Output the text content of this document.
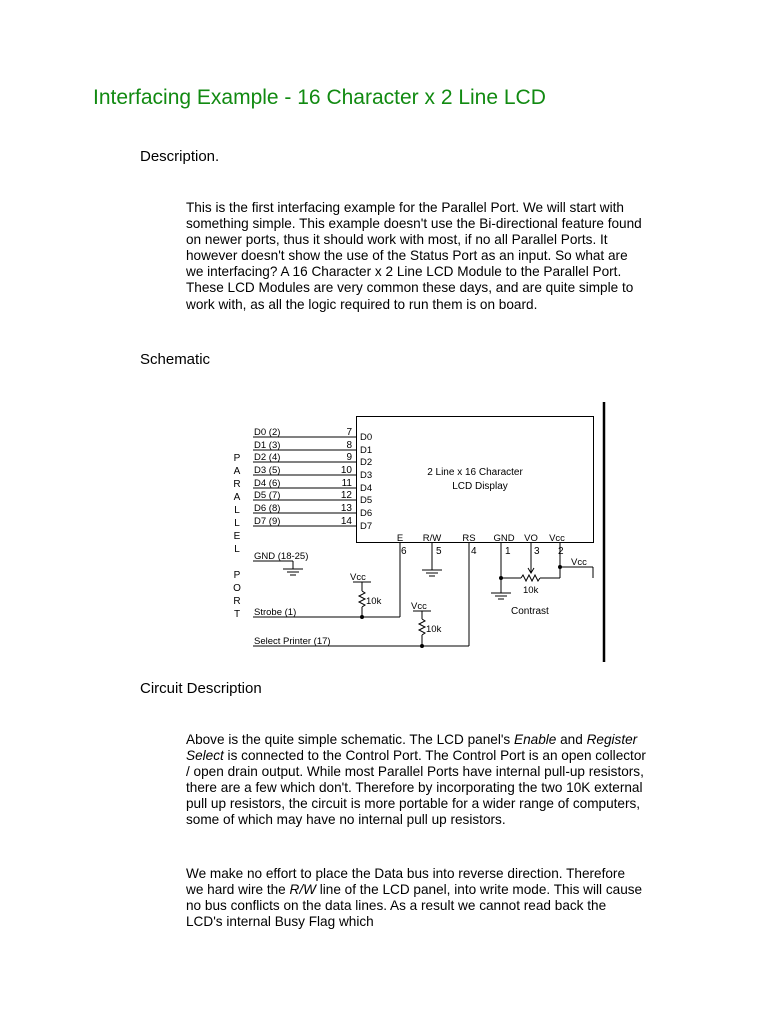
Interfacing Example - 16 Character x 2 Line LCD
Description.

This is the first interfacing example for the Parallel Port. We will start with something simple. This example doesn't use the Bi-directional feature found on newer ports, thus it should work with most, if no all Parallel Ports. It however doesn't show the use of the Status Port as an input. So what are we interfacing? A 16 Character x 2 Line LCD Module to the Parallel Port. These LCD Modules are very common these days, and are quite simple to work with, as all the logic required to run them is on board.

Schematic
P
A
R
A
L
L
E
L
P
O
R
T
D0 (2)
D1 (3)
D2 (4)
D3 (5)
D4 (6)
D5 (7)
D6 (8)
D7 (9)
7
8
9
10
11
12
13
14
D0
D1
D2
D3
D4
D5
D6
D7
2 Line x 16 Character
LCD Display
E R/W RS GND VO Vcc
6	5	4	1 3 2
GND (18-25)
Strobe (1)
Select Printer (17)
Vcc
10k	Vcc
10k
Vcc
10k
Contrast
Circuit Description

Above is the quite simple schematic. The LCD panel's Enable and Register Select is connected to the Control Port. The Control Port is an open collector / open drain output. While most Parallel Ports have internal pull-up resistors, there are a few which don't. Therefore by incorporating the two 10K external pull up resistors, the circuit is more portable for a wider range of computers, some of which may have no internal pull up resistors.

We make no effort to place the Data bus into reverse direction. Therefore we hard wire the R/W line of the LCD panel, into write mode. This will cause no bus conflicts on the data lines. As a result we cannot read back the LCD's internal Busy Flag which
